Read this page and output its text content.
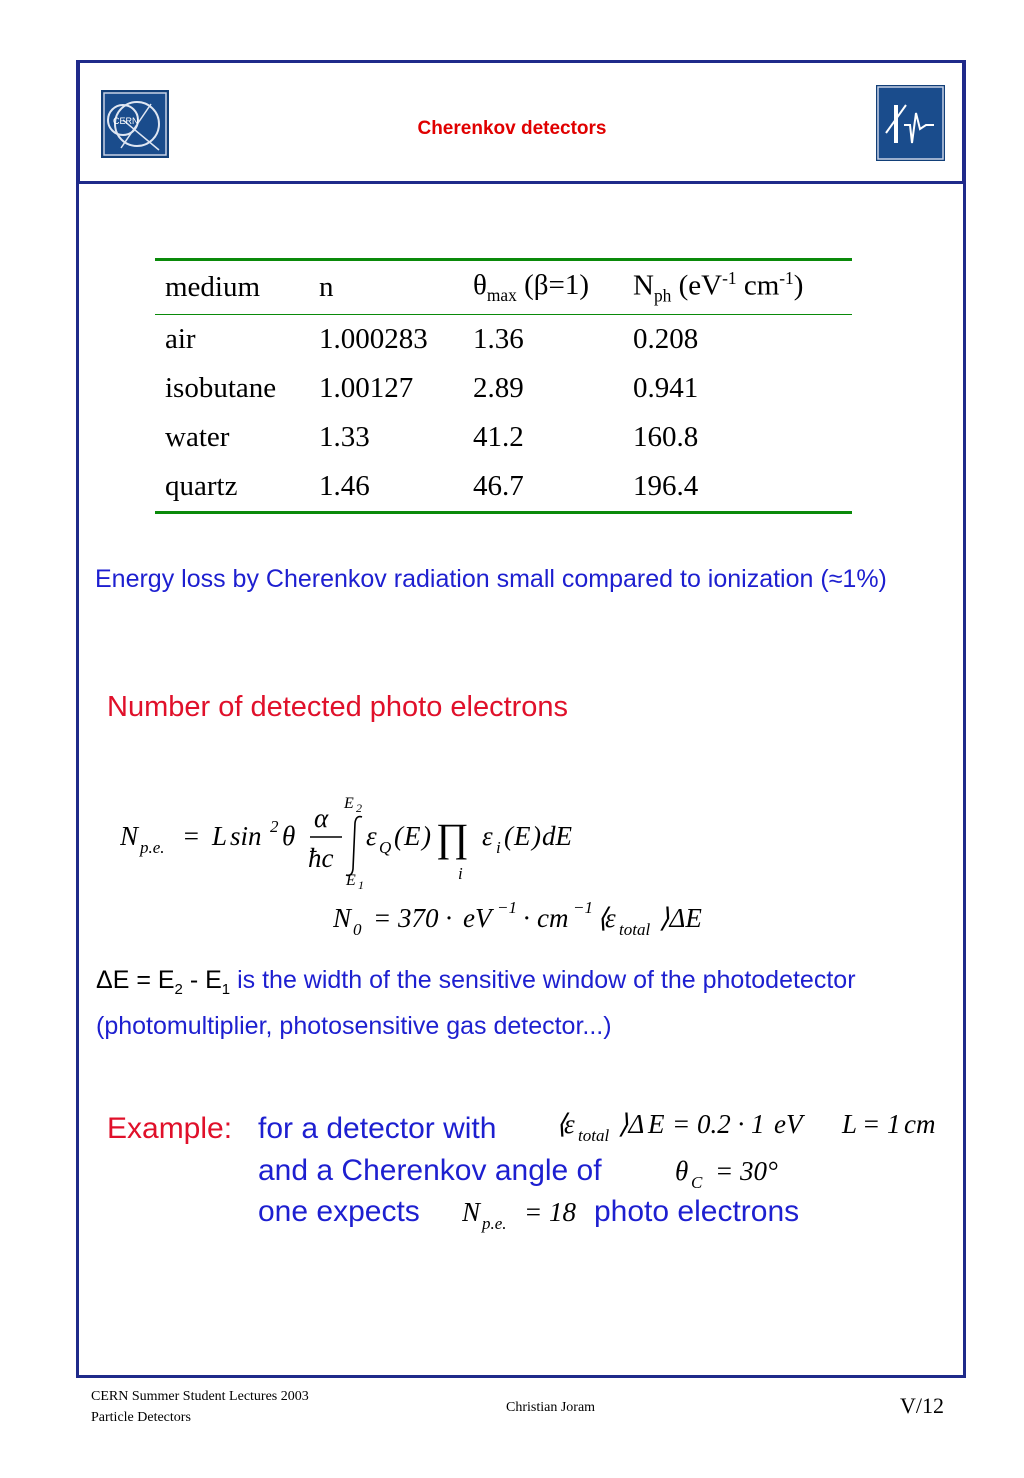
CERN	Cherenkov detectors
medium	n	$\theta_{max}$ (β=1)	$N_{ph}$ ($eV^{-1}$ $cm^{-1}$)
air	1.000283	1.36	0.208
isobutane	1.00127	2.89	0.941
water	1.33	41.2	160.8
quartz	1.46	46.7	196.4
Energy loss by Cherenkov radiation small compared to ionization (≈1%)
Number of detected photo electrons
N p.e. = L sin 2 θ
α
ħc
E 2
E 1
ε Q ( E ) ∏
i
ε i ( E ) dE
N 0 = 370 · eV −1 · cm −1 ⟨
ε total ⟩ΔE
$\Delta E = E_2 - E_1$ is the width of the sensitive window of the photodetector (photomultiplier, photosensitive gas detector...)
Example: for a detector with
and a Cherenkov angle of
one expects	photo electrons
⟨
ε total ⟩Δ E = 0.2 · 1 eV L = 1 cm
θ C = 30°
N p.e. = 18
CERN Summer Student Lectures 2003
Particle Detectors
Christian Joram	V/12
